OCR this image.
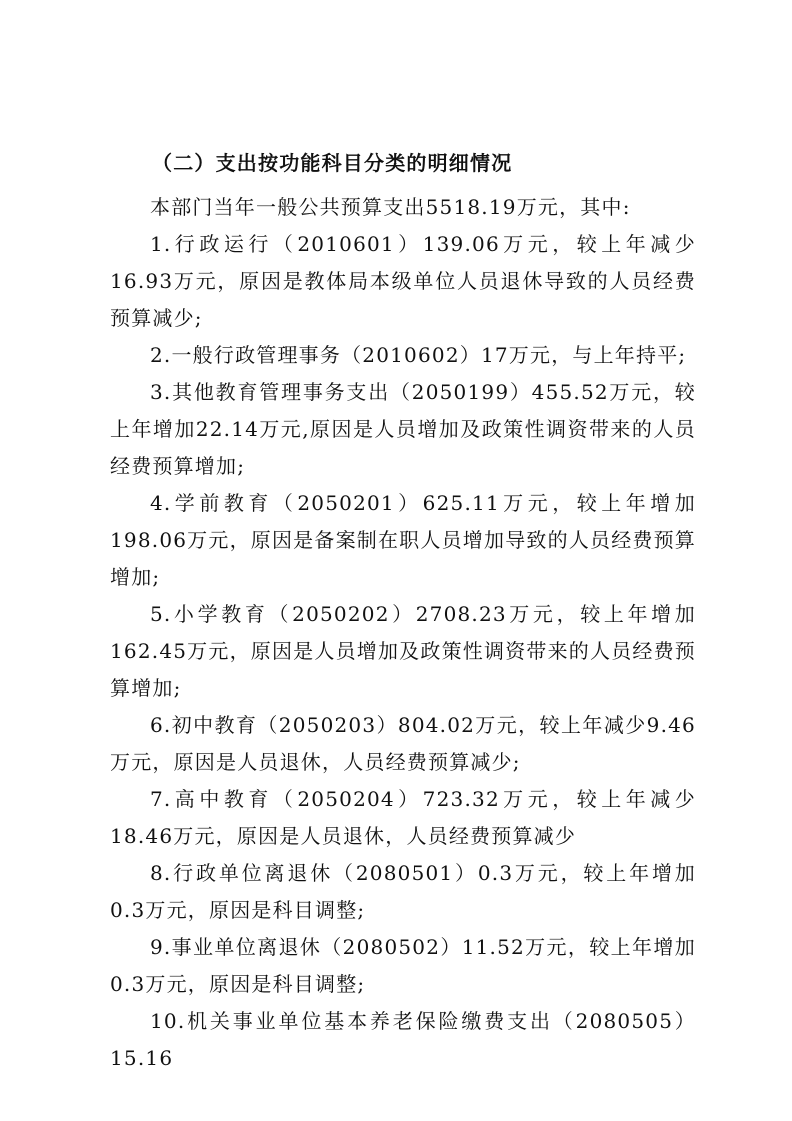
（二）支出按功能科目分类的明细情况

本部门当年一般公共预算支出5518.19万元，其中:

1.行政运行（2010601）139.06万元，较上年减少16.93万元，原因是教体局本级单位人员退休导致的人员经费预算减少;

2.一般行政管理事务（2010602）17万元，与上年持平;

3.其他教育管理事务支出（2050199）455.52万元，较上年增加22.14万元,原因是人员增加及政策性调资带来的人员经费预算增加;

4.学前教育（2050201）625.11万元，较上年增加198.06万元，原因是备案制在职人员增加导致的人员经费预算增加;

5.小学教育（2050202）2708.23万元，较上年增加162.45万元，原因是人员增加及政策性调资带来的人员经费预算增加;

6.初中教育（2050203）804.02万元，较上年减少9.46万元，原因是人员退休，人员经费预算减少;

7.高中教育（2050204）723.32万元，较上年减少18.46万元，原因是人员退休，人员经费预算减少

8.行政单位离退休（2080501）0.3万元，较上年增加0.3万元，原因是科目调整;

9.事业单位离退休（2080502）11.52万元，较上年增加0.3万元，原因是科目调整;

10.机关事业单位基本养老保险缴费支出（2080505）15.16
